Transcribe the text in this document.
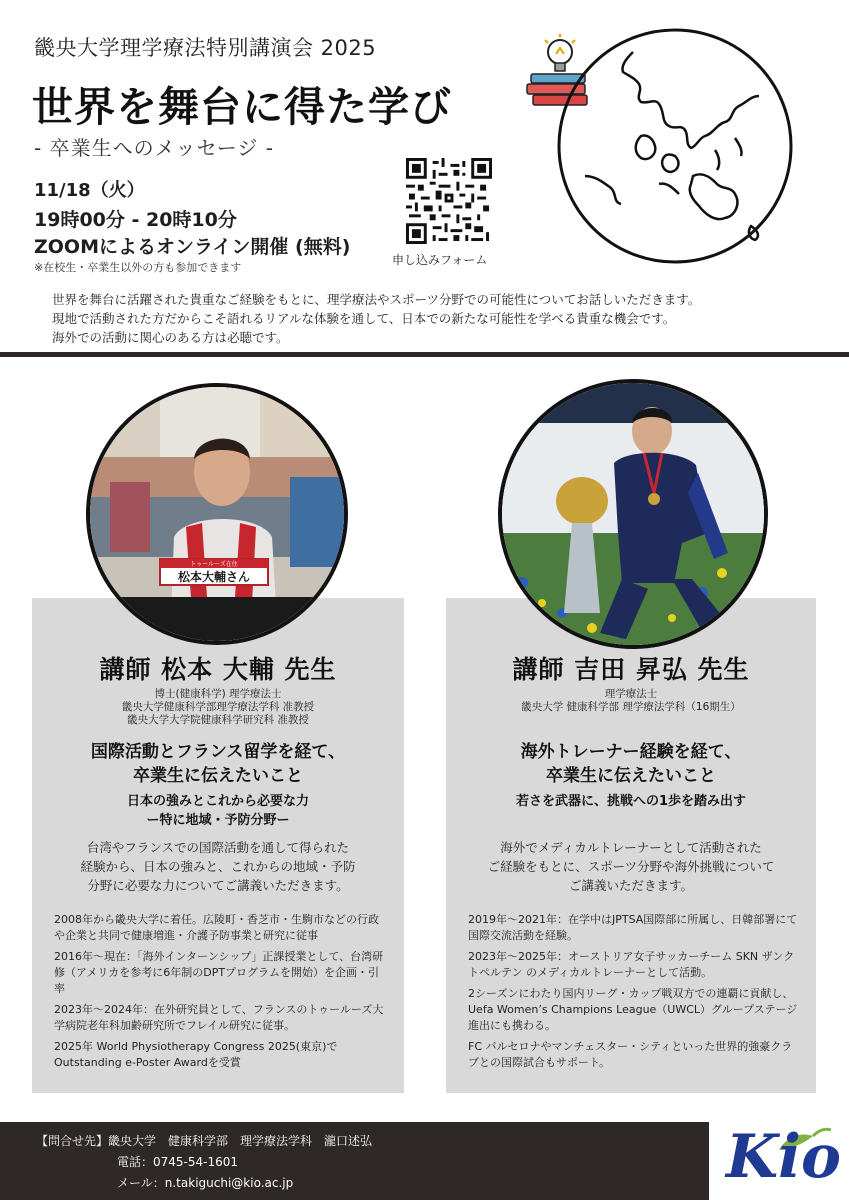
畿央大学理学療法特別講演会 2025
世界を舞台に得た学び
- 卒業生へのメッセージ -
11/18（火）
19時00分 - 20時10分
ZOOMによるオンライン開催 (無料)
※在校生・卒業生以外の方も参加できます
申し込みフォーム
世界を舞台に活躍された貴重なご経験をもとに、理学療法やスポーツ分野での可能性についてお話しいただきます。
現地で活動された方だからこそ語れるリアルな体験を通して、日本での新たな可能性を学べる貴重な機会です。
海外での活動に関心のある方は必聴です。
トゥールーズ在住
松本大輔さん
講師 松本 大輔 先生
博士(健康科学) 理学療法士
畿央大学健康科学部理学療法学科 准教授
畿央大学大学院健康科学研究科 准教授
国際活動とフランス留学を経て、
卒業生に伝えたいこと
日本の強みとこれから必要な力
ー特に地域・予防分野ー
台湾やフランスでの国際活動を通して得られた
経験から、日本の強みと、これからの地域・予防
分野に必要な力についてご講義いただきます。

2008年から畿央大学に着任。広陵町・香芝市・生駒市などの行政や企業と共同で健康増進・介護予防事業と研究に従事

2016年〜現在：「海外インターンシップ」正課授業として、台湾研修（アメリカを参考に6年制のDPTプログラムを開始）を企画・引率

2023年〜2024年：在外研究員として、フランスのトゥールーズ大学病院老年科加齢研究所でフレイル研究に従事。

2025年 World Physiotherapy Congress 2025(東京)でOutstanding e-Poster Awardを受賞

講師 吉田 昇弘 先生
理学療法士
畿央大学 健康科学部 理学療法学科（16期生）
海外トレーナー経験を経て、
卒業生に伝えたいこと
若さを武器に、挑戦への1歩を踏み出す
海外でメディカルトレーナーとして活動された
ご経験をもとに、スポーツ分野や海外挑戦について
ご講義いただきます。

2019年〜2021年：在学中はJPTSA国際部に所属し、日韓部署にて国際交流活動を経験。

2023年〜2025年：オーストリア女子サッカーチーム SKN ザンクトペルテン のメディカルトレーナーとして活動。

2シーズンにわたり国内リーグ・カップ戦双方での連覇に貢献し、Uefa Women’s Champions League（UWCL）グループステージ進出にも携わる。

FC バルセロナやマンチェスター・シティといった世界的強豪クラブとの国際試合もサポート。

【問合せ先】畿央大学　健康科学部　理学療法学科　瀧口述弘
電話：0745-54-1601
メール：n.takiguchi@kio.ac.jp	Kio
